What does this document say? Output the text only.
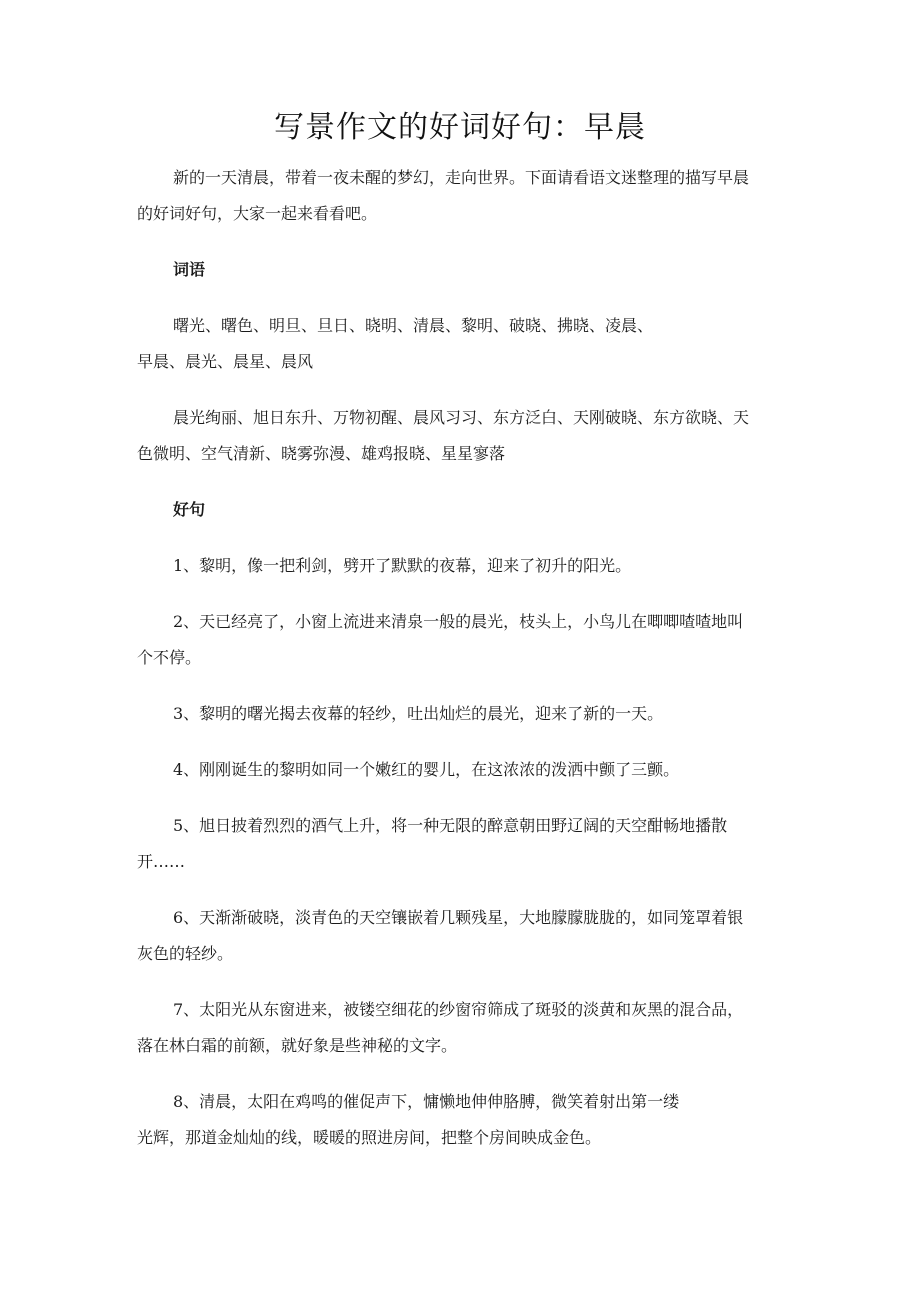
写景作文的好词好句：早晨

新的一天清晨，带着一夜未醒的梦幻，走向世界。下面请看语文迷整理的描写早晨
的好词好句，大家一起来看看吧。

词语

曙光、曙色、明旦、旦日、晓明、清晨、黎明、破晓、拂晓、凌晨、
早晨、晨光、晨星、晨风

晨光绚丽、旭日东升、万物初醒、晨风习习、东方泛白、天刚破晓、东方欲晓、天
色微明、空气清新、晓雾弥漫、雄鸡报晓、星星寥落

好句

1、黎明，像一把利剑，劈开了默默的夜幕，迎来了初升的阳光。

2、天已经亮了，小窗上流进来清泉一般的晨光，枝头上，小鸟儿在唧唧喳喳地叫
个不停。

3、黎明的曙光揭去夜幕的轻纱，吐出灿烂的晨光，迎来了新的一天。

4、刚刚诞生的黎明如同一个嫩红的婴儿，在这浓浓的泼洒中颤了三颤。

5、旭日披着烈烈的酒气上升，将一种无限的醉意朝田野辽阔的天空酣畅地播散
开……

6、天渐渐破晓，淡青色的天空镶嵌着几颗残星，大地朦朦胧胧的，如同笼罩着银
灰色的轻纱。

7、太阳光从东窗进来，被镂空细花的纱窗帘筛成了斑驳的淡黄和灰黑的混合品，
落在林白霜的前额，就好象是些神秘的文字。

8、清晨，太阳在鸡鸣的催促声下，慵懒地伸伸胳膊，微笑着射出第一缕
光辉，那道金灿灿的线，暖暖的照进房间，把整个房间映成金色。
